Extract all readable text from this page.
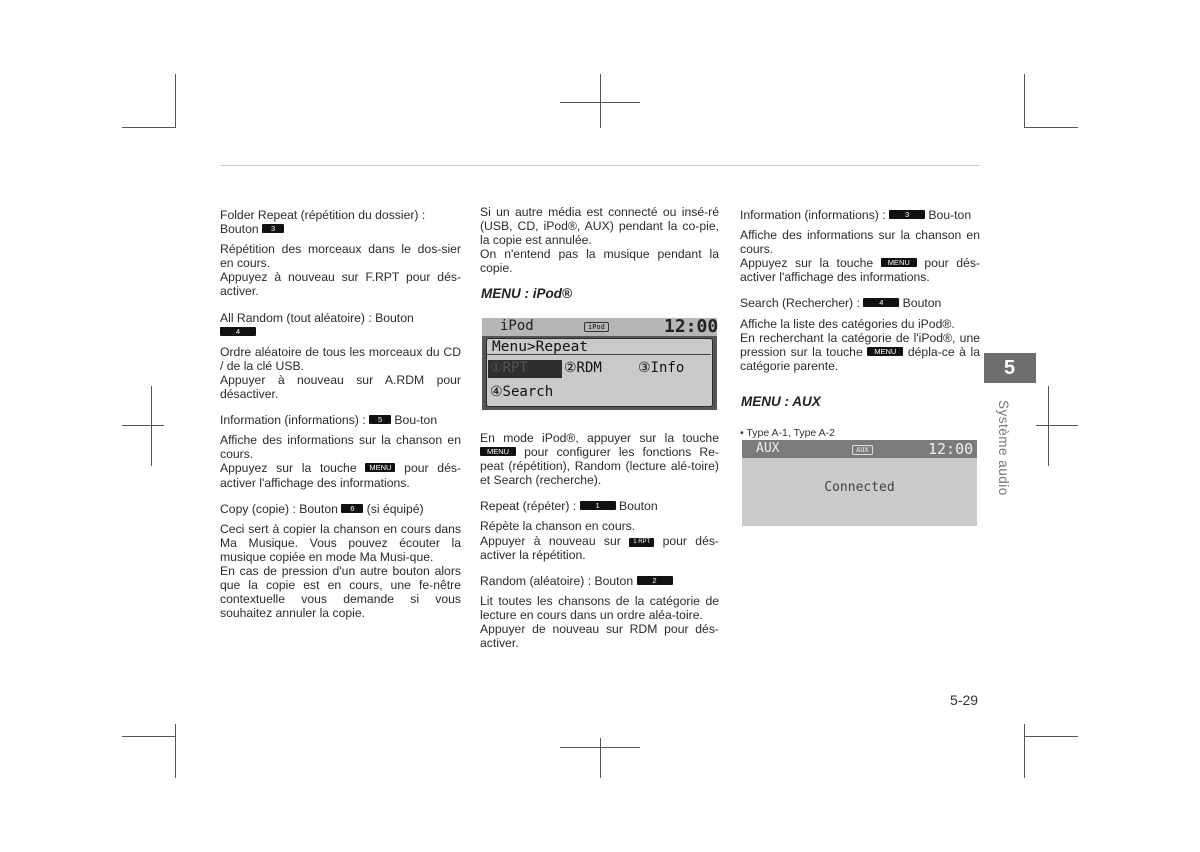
Folder Repeat (répétition du dossier) :
Bouton 3

Répétition des morceaux dans le dos-sier en cours.

Appuyez à nouveau sur F.RPT pour dés-activer.

All Random (tout aléatoire) : Bouton
4

Ordre aléatoire de tous les morceaux du CD / de la clé USB.

Appuyer à nouveau sur A.RDM pour désactiver.

Information (informations) : 5 Bou-ton

Affiche des informations sur la chanson en cours.

Appuyez sur la touche MENU pour dés-activer l'affichage des informations.

Copy (copie) : Bouton 6 (si équipé)

Ceci sert à copier la chanson en cours dans Ma Musique. Vous pouvez écouter la musique copiée en mode Ma Musi-que.

En cas de pression d'un autre bouton alors que la copie est en cours, une fe-nêtre contextuelle vous demande si vous souhaitez annuler la copie.

Si un autre média est connecté ou insé-ré (USB, CD, iPod®, AUX) pendant la co-pie, la copie est annulée.

On n'entend pas la musique pendant la copie.

MENU : iPod®
iPod	iPod	12:00
Menu>Repeat
①RPT	②RDM	③Info
④Search

En mode iPod®, appuyer sur la touche MENU pour configurer les fonctions Re-peat (répétition), Random (lecture alé-toire) et Search (recherche).

Repeat (répéter) :	1 Bouton

Répète la chanson en cours.

Appuyer à nouveau sur 1 RPT pour dés-activer la répétition.

Random (aléatoire) : Bouton	2

Lit toutes les chansons de la catégorie de lecture en cours dans un ordre aléa-toire.

Appuyer de nouveau sur RDM pour dés-activer.

Information (informations) :	3 Bou-ton

Affiche des informations sur la chanson en cours.

Appuyez sur la touche MENU pour dés-activer l'affichage des informations.

Search (Rechercher) :	4 Bouton

Affiche la liste des catégories du iPod®.

En recherchant la catégorie de l'iPod®, une pression sur la touche MENU dépla-ce à la catégorie parente.

MENU : AUX
• Type A-1, Type A-2
AUX	AUX	12:00
Connected
5
Système audio
5-29
